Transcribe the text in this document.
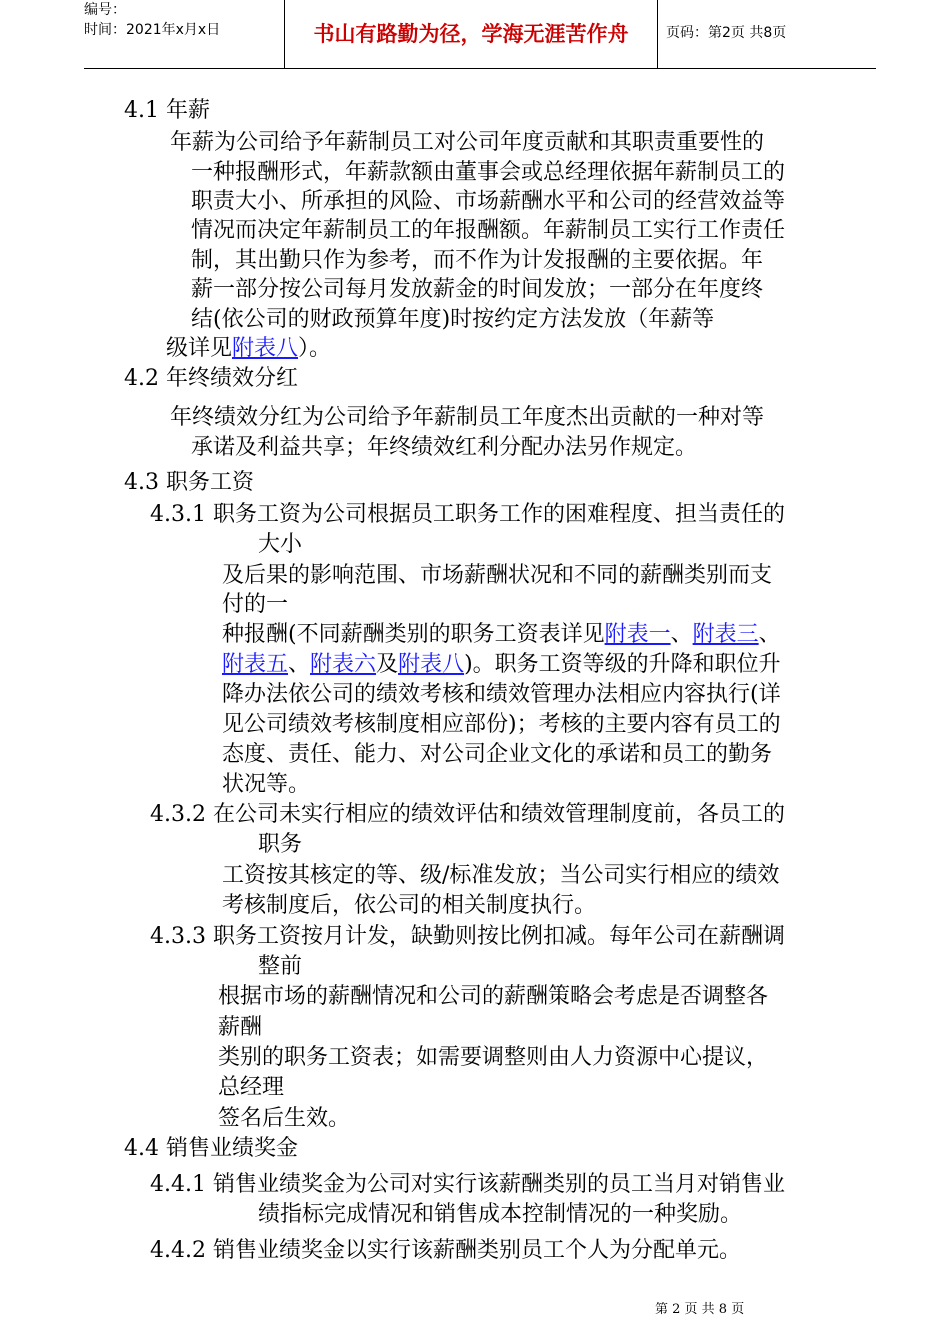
编号：
时间：2021年x月x日	书山有路勤为径，学海无涯苦作舟	页码：第2页 共8页
4.1 年薪
年薪为公司给予年薪制员工对公司年度贡献和其职责重要性的
一种报酬形式，年薪款额由董事会或总经理依据年薪制员工的
职责大小、所承担的风险、市场薪酬水平和公司的经营效益等
情况而决定年薪制员工的年报酬额。年薪制员工实行工作责任
制，其出勤只作为参考，而不作为计发报酬的主要依据。年
薪一部分按公司每月发放薪金的时间发放；一部分在年度终
结(依公司的财政预算年度)时按约定方法发放（年薪等
级详见附表八）。
4.2 年终绩效分红
年终绩效分红为公司给予年薪制员工年度杰出贡献的一种对等
承诺及利益共享；年终绩效红利分配办法另作规定。
4.3 职务工资
4.3.1 职务工资为公司根据员工职务工作的困难程度、担当责任的
大小
及后果的影响范围、市场薪酬状况和不同的薪酬类别而支
付的一
种报酬(不同薪酬类别的职务工资表详见附表一、附表三、
附表五、附表六及附表八)。职务工资等级的升降和职位升
降办法依公司的绩效考核和绩效管理办法相应内容执行(详
见公司绩效考核制度相应部份)；考核的主要内容有员工的
态度、责任、能力、对公司企业文化的承诺和员工的勤务
状况等。
4.3.2 在公司未实行相应的绩效评估和绩效管理制度前，各员工的
职务
工资按其核定的等、级/标准发放；当公司实行相应的绩效
考核制度后，依公司的相关制度执行。
4.3.3 职务工资按月计发，缺勤则按比例扣减。每年公司在薪酬调
整前
根据市场的薪酬情况和公司的薪酬策略会考虑是否调整各
薪酬
类别的职务工资表；如需要调整则由人力资源中心提议，
总经理
签名后生效。
4.4 销售业绩奖金
4.4.1 销售业绩奖金为公司对实行该薪酬类别的员工当月对销售业
绩指标完成情况和销售成本控制情况的一种奖励。
4.4.2 销售业绩奖金以实行该薪酬类别员工个人为分配单元。
第 2 页 共 8 页
